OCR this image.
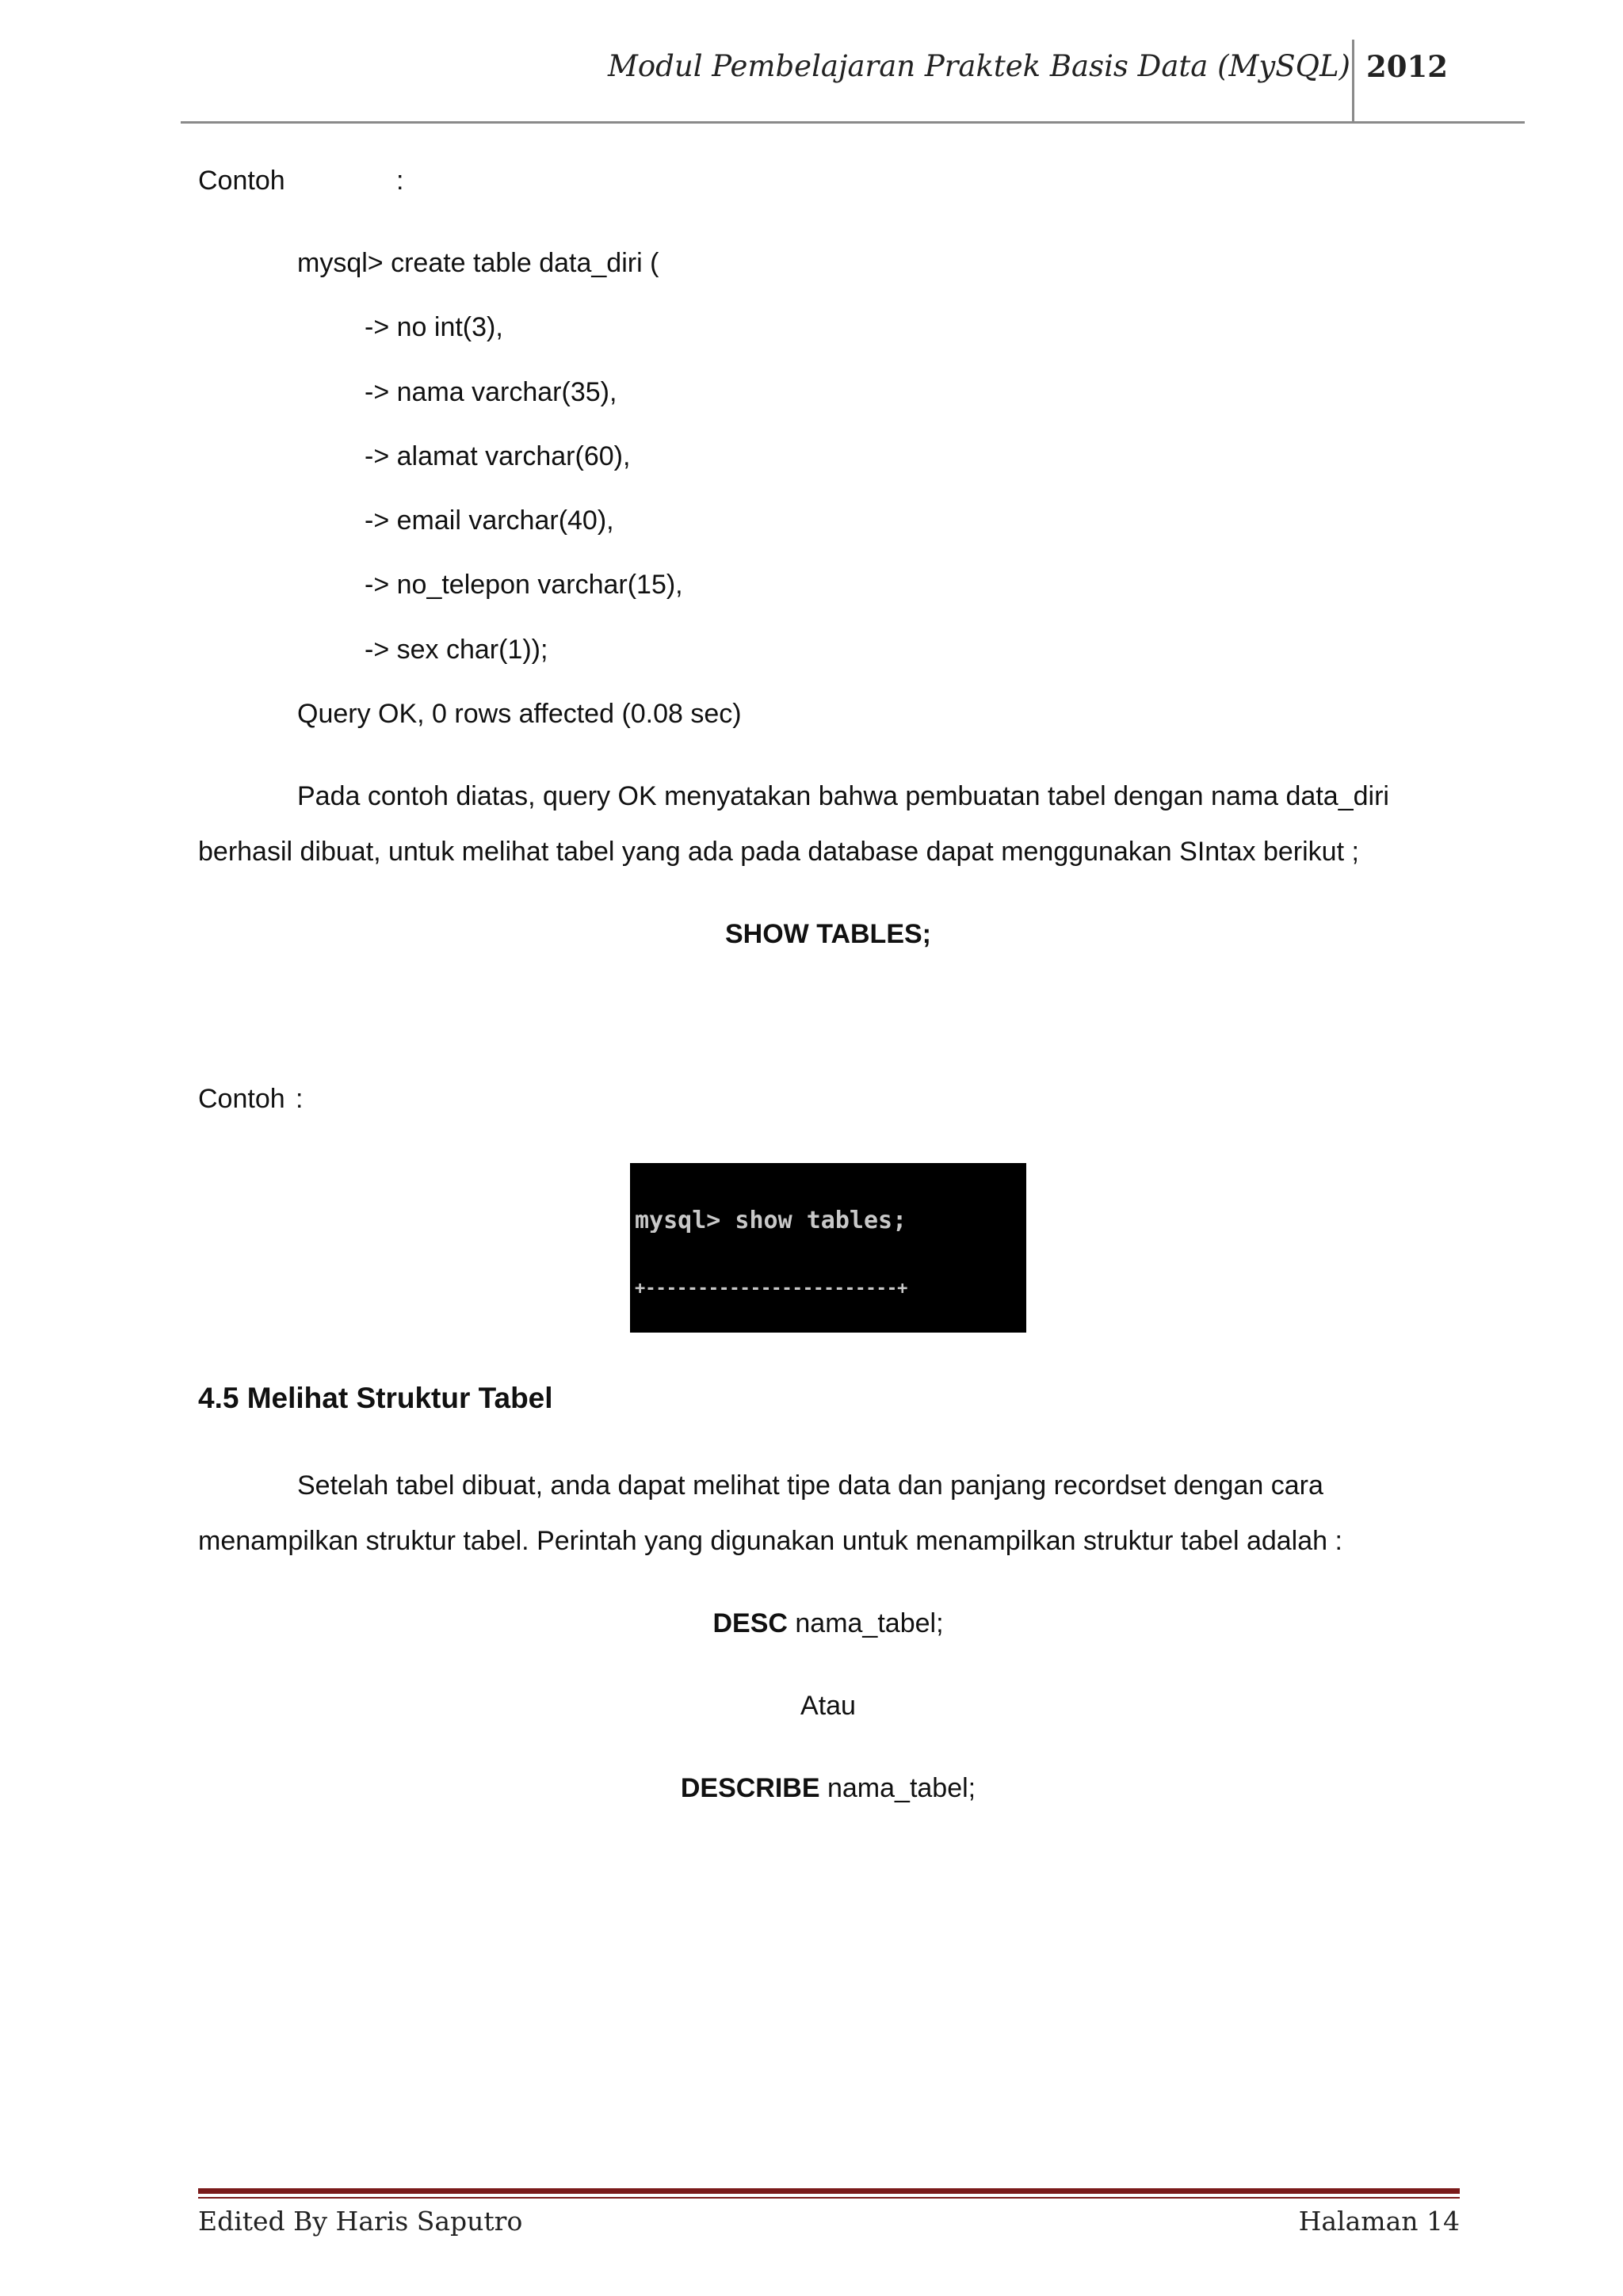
Modul Pembelajaran Praktek Basis Data (MySQL) 2012
Contoh	:
mysql> create table data_diri (
-> no int(3),
-> nama varchar(35),
-> alamat varchar(60),
-> email varchar(40),
-> no_telepon varchar(15),
-> sex char(1));
Query OK, 0 rows affected (0.08 sec)
Pada contoh diatas, query OK menyatakan bahwa pembuatan tabel dengan nama data_diri
berhasil dibuat, untuk melihat tabel yang ada pada database dapat menggunakan SIntax berikut ;
SHOW TABLES;
Contoh :

mysql> show tables;

+------------------------+

4.5 Melihat Struktur Tabel
Setelah tabel dibuat, anda dapat melihat tipe data dan panjang recordset dengan cara
menampilkan struktur tabel. Perintah yang digunakan untuk menampilkan struktur tabel adalah :
DESC nama_tabel;
Atau
DESCRIBE nama_tabel;
Edited By Haris Saputro	Halaman 14
